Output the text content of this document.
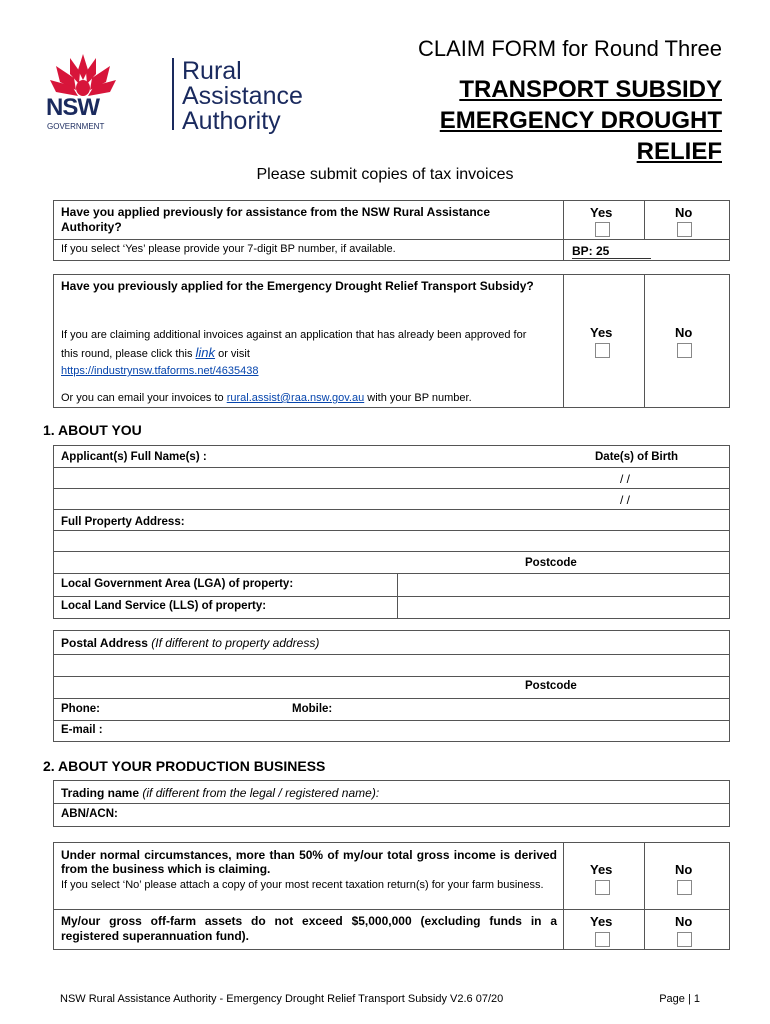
NSW
GOVERNMENT
Rural
Assistance
Authority
CLAIM FORM for Round Three
TRANSPORT SUBSIDY
EMERGENCY DROUGHT
RELIEF
Please submit copies of tax invoices
Have you applied previously for assistance from the NSW Rural Assistance Authority?
Yes	No
If you select ‘Yes’ please provide your 7-digit BP number, if available.	BP: 25
Have you previously applied for the Emergency Drought Relief Transport Subsidy?
If you are claiming additional invoices against an application that has already been approved for this round, please click this link or visit
https://industrynsw.tfaforms.net/4635438
Or you can email your invoices to rural.assist@raa.nsw.gov.au with your BP number.
Yes	No
1. ABOUT YOU
Applicant(s) Full Name(s) :	Date(s) of Birth
/ /
/ /
Full Property Address:
Postcode
Local Government Area (LGA) of property:
Local Land Service (LLS) of property:
Postal Address (If different to property address)
Postcode
Phone:	Mobile:
E-mail :
2. ABOUT YOUR PRODUCTION BUSINESS
Trading name (if different from the legal / registered name):
ABN/ACN:
Under normal circumstances, more than 50% of my/our total gross income is derived from the business which is claiming.
If you select ‘No’ please attach a copy of your most recent taxation return(s) for your farm business.
Yes	No
My/our gross off-farm assets do not exceed $5,000,000 (excluding funds in a registered superannuation fund).
Yes	No
NSW Rural Assistance Authority - Emergency Drought Relief Transport Subsidy V2.6 07/20	Page | 1
